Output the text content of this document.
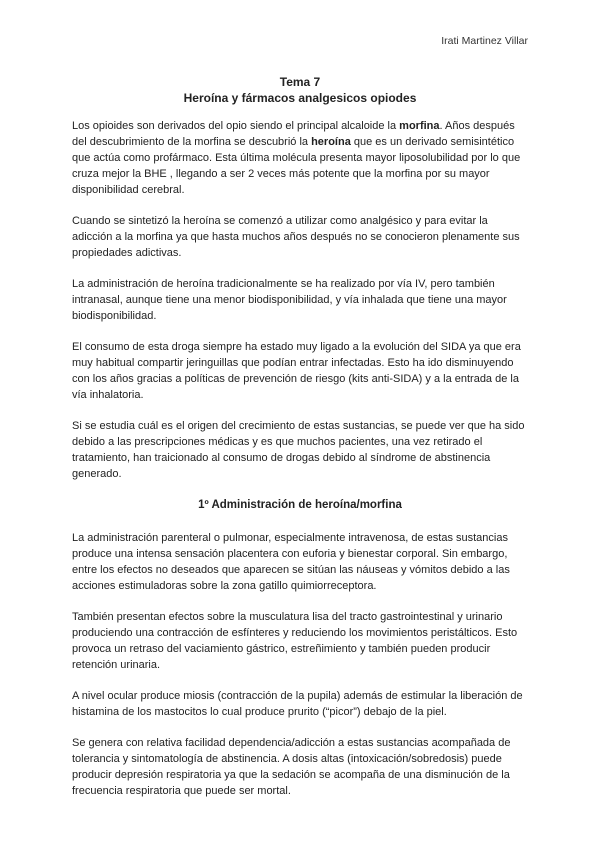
Irati Martinez Villar
Tema 7
Heroína y fármacos analgesicos opiodes

Los opioides son derivados del opio siendo el principal alcaloide la morfina. Años después del descubrimiento de la morfina se descubrió la heroína que es un derivado semisintético que actúa como profármaco. Esta última molécula presenta mayor liposolubilidad por lo que cruza mejor la BHE , llegando a ser 2 veces más potente que la morfina por su mayor disponibilidad cerebral.

Cuando se sintetizó la heroína se comenzó a utilizar como analgésico y para evitar la adicción a la morfina ya que hasta muchos años después no se conocieron plenamente sus propiedades adictivas.

La administración de heroína tradicionalmente se ha realizado por vía IV, pero también intranasal, aunque tiene una menor biodisponibilidad, y vía inhalada que tiene una mayor biodisponibilidad.

El consumo de esta droga siempre ha estado muy ligado a la evolución del SIDA ya que era muy habitual compartir jeringuillas que podían entrar infectadas. Esto ha ido disminuyendo con los años gracias a políticas de prevención de riesgo (kits anti-SIDA) y a la entrada de la vía inhalatoria.

Si se estudia cuál es el origen del crecimiento de estas sustancias, se puede ver que ha sido debido a las prescripciones médicas y es que muchos pacientes, una vez retirado el tratamiento, han traicionado al consumo de drogas debido al síndrome de abstinencia generado.

1º Administración de heroína/morfina

La administración parenteral o pulmonar, especialmente intravenosa, de estas sustancias produce una intensa sensación placentera con euforia y bienestar corporal. Sin embargo, entre los efectos no deseados que aparecen se sitúan las náuseas y vómitos debido a las acciones estimuladoras sobre la zona gatillo quimiorreceptora.

También presentan efectos sobre la musculatura lisa del tracto gastrointestinal y urinario produciendo una contracción de esfínteres y reduciendo los movimientos peristálticos. Esto provoca un retraso del vaciamiento gástrico, estreñimiento y también pueden producir retención urinaria.

A nivel ocular produce miosis (contracción de la pupila) además de estimular la liberación de histamina de los mastocitos lo cual produce prurito (“picor”) debajo de la piel.

Se genera con relativa facilidad dependencia/adicción a estas sustancias acompañada de tolerancia y sintomatología de abstinencia. A dosis altas (intoxicación/sobredosis) puede producir depresión respiratoria ya que la sedación se acompaña de una disminución de la frecuencia respiratoria que puede ser mortal.
